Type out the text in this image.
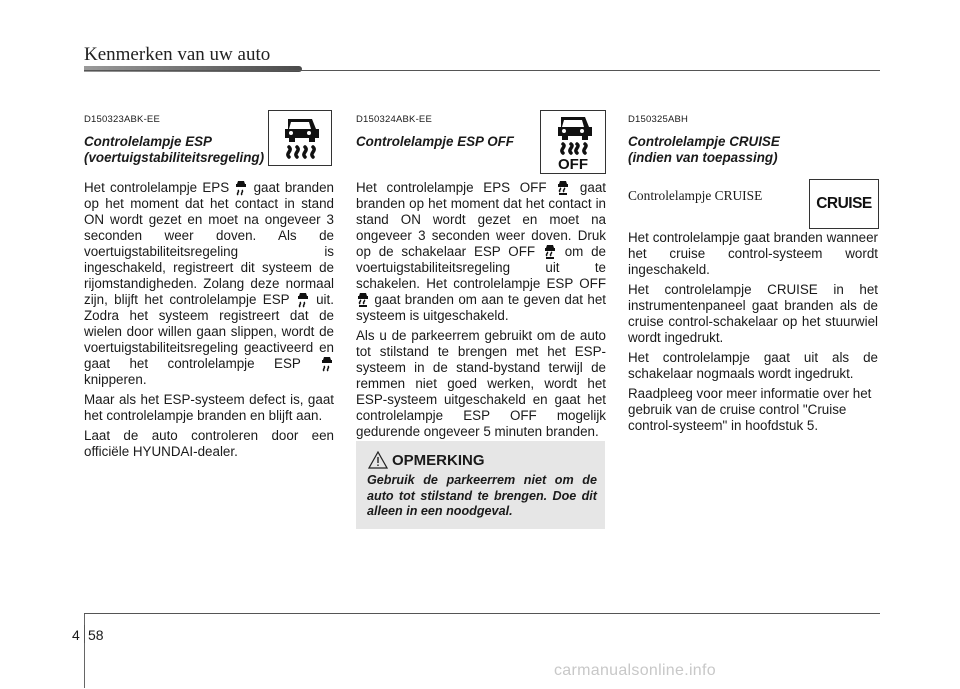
Kenmerken van uw auto
OFF
CRUISE
D150323ABK-EE
Controlelampje ESP
(voertuigstabiliteitsregeling)

Het controlelampje EPS gaat branden op het moment dat het contact in stand ON wordt gezet en moet na ongeveer 3 seconden weer doven. Als de voertuigstabiliteitsregeling is ingeschakeld, registreert dit systeem de rijomstandigheden. Zolang deze normaal zijn, blijft het controlelampje ESP uit. Zodra het systeem registreert dat de wielen door willen gaan slippen, wordt de voertuigstabiliteitsregeling geactiveerd en gaat het controlelampje ESP  knipperen.

Maar als het ESP-systeem defect is, gaat het controlelampje branden en blijft aan.

Laat de auto controleren door een officiële HYUNDAI-dealer.

D150324ABK-EE
Controlelampje ESP OFF

Het controlelampje EPS OFF gaat branden op het moment dat het contact in stand ON wordt gezet en moet na ongeveer 3 seconden weer doven. Druk op de schakelaar ESP OFF om de voertuigstabiliteitsregeling uit te schakelen. Het controlelampje ESP OFF  gaat branden om aan te geven dat het systeem is uitgeschakeld.

Als u de parkeerrem gebruikt om de auto tot stilstand te brengen met het ESP-systeem in de stand-bystand terwijl de remmen niet goed werken, wordt het ESP-systeem uitgeschakeld en gaat het controlelampje ESP OFF mogelijk gedurende ongeveer 5 minuten branden.

OPMERKING
Gebruik de parkeerrem niet om de auto tot stilstand te brengen. Doe dit alleen in een noodgeval.
D150325ABH
Controlelampje CRUISE
(indien van toepassing)
Controlelampje CRUISE

Het controlelampje gaat branden wanneer het cruise control-systeem wordt ingeschakeld.

Het controlelampje CRUISE in het instrumentenpaneel gaat branden als de cruise control-schakelaar op het stuurwiel wordt ingedrukt.

Het controlelampje gaat uit als de schakelaar nogmaals wordt ingedrukt.

Raadpleeg voor meer informatie over het gebruik van de cruise control "Cruise control-systeem" in hoofdstuk 5.

4 58
carmanualsonline.info
